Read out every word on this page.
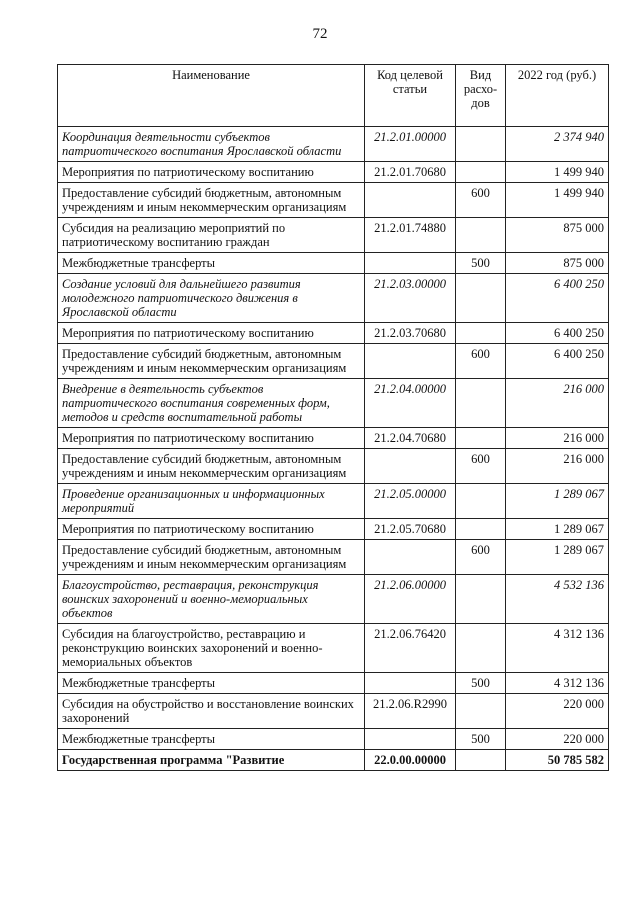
72
Наименование	Код целевой статьи	Вид расхо-дов	2022 год (руб.)
Координация деятельности субъектов патриотического воспитания Ярославской области	21.2.01.00000		2 374 940
Мероприятия по патриотическому воспитанию	21.2.01.70680		1 499 940
Предоставление субсидий бюджетным, автономным учреждениям и иным некоммерческим организациям		600	1 499 940
Субсидия на реализацию мероприятий по патриотическому воспитанию граждан	21.2.01.74880		875 000
Межбюджетные трансферты		500	875 000
Создание условий для дальнейшего развития молодежного патриотического движения в Ярославской области	21.2.03.00000		6 400 250
Мероприятия по патриотическому воспитанию	21.2.03.70680		6 400 250
Предоставление субсидий бюджетным, автономным учреждениям и иным некоммерческим организациям		600	6 400 250
Внедрение в деятельность субъектов патриотического воспитания современных форм, методов и средств воспитательной работы	21.2.04.00000		216 000
Мероприятия по патриотическому воспитанию	21.2.04.70680		216 000
Предоставление субсидий бюджетным, автономным учреждениям и иным некоммерческим организациям		600	216 000
Проведение организационных и информационных мероприятий	21.2.05.00000		1 289 067
Мероприятия по патриотическому воспитанию	21.2.05.70680		1 289 067
Предоставление субсидий бюджетным, автономным учреждениям и иным некоммерческим организациям		600	1 289 067
Благоустройство, реставрация, реконструкция воинских захоронений и военно-мемориальных объектов	21.2.06.00000		4 532 136
Субсидия на благоустройство, реставрацию и реконструкцию воинских захоронений и военно-мемориальных объектов	21.2.06.76420		4 312 136
Межбюджетные трансферты		500	4 312 136
Субсидия на обустройство и восстановление воинских захоронений	21.2.06.R2990		220 000
Межбюджетные трансферты		500	220 000
Государственная программа "Развитие	22.0.00.00000		50 785 582
